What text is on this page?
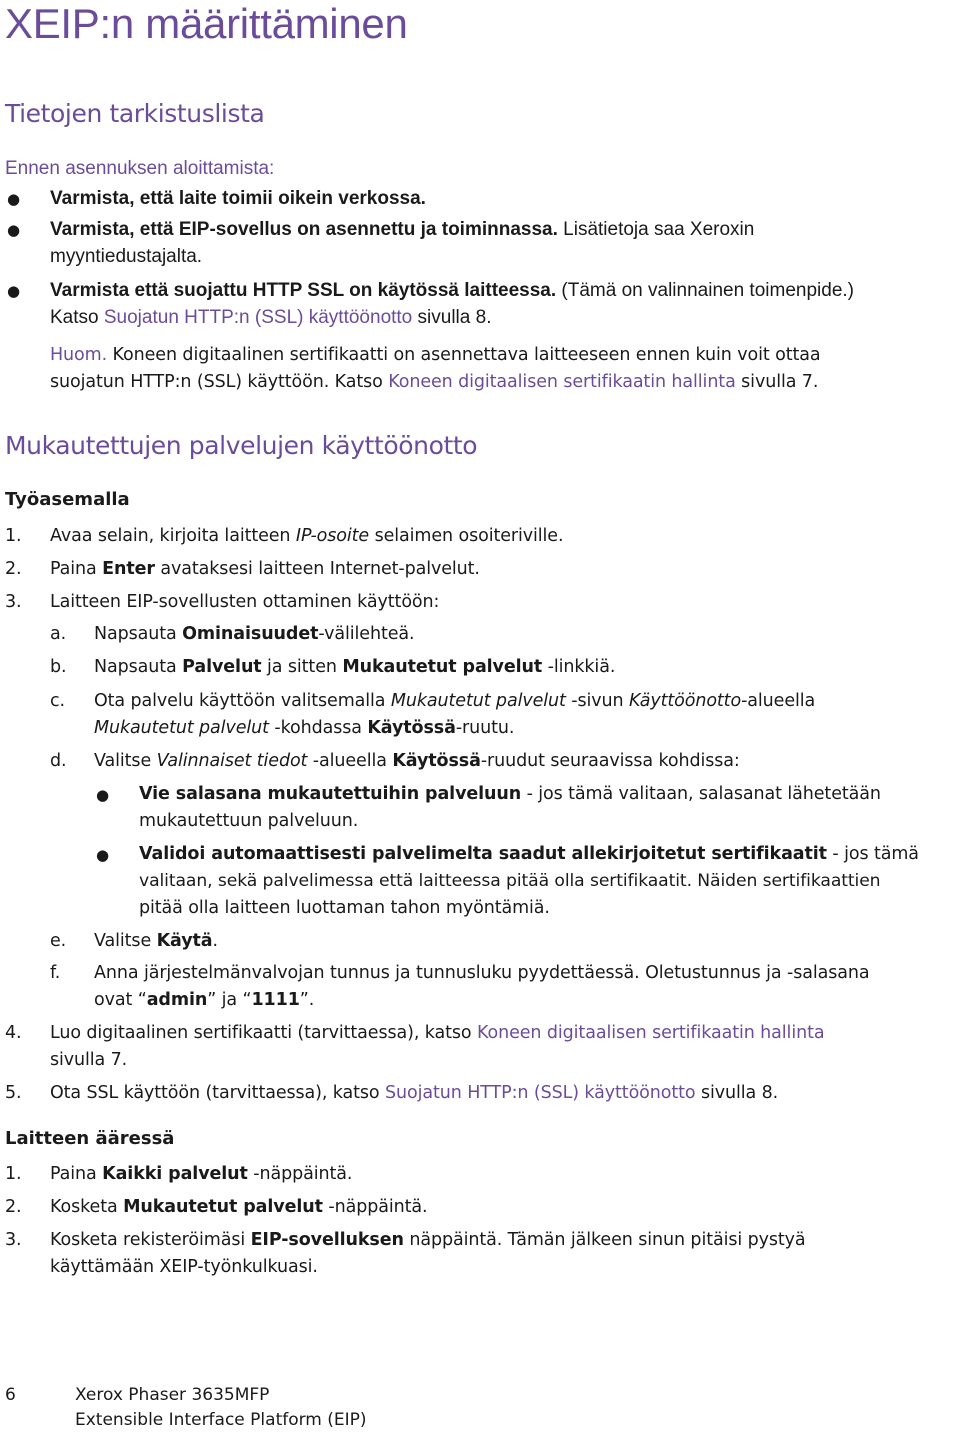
XEIP:n määrittäminen
Tietojen tarkistuslista
Ennen asennuksen aloittamista:
● Varmista, että laite toimii oikein verkossa.
● Varmista, että EIP-sovellus on asennettu ja toiminnassa. Lisätietoja saa Xeroxin
myyntiedustajalta.
● Varmista että suojattu HTTP SSL on käytössä laitteessa. (Tämä on valinnainen toimenpide.)
Katso Suojatun HTTP:n (SSL) käyttöönotto sivulla 8.
Huom. Koneen digitaalinen sertifikaatti on asennettava laitteeseen ennen kuin voit ottaa
suojatun HTTP:n (SSL) käyttöön. Katso Koneen digitaalisen sertifikaatin hallinta sivulla 7.
Mukautettujen palvelujen käyttöönotto
Työasemalla
1. Avaa selain, kirjoita laitteen IP-osoite selaimen osoiteriville.
2. Paina Enter avataksesi laitteen Internet-palvelut.
3. Laitteen EIP-sovellusten ottaminen käyttöön:
a. Napsauta Ominaisuudet-välilehteä.
b. Napsauta Palvelut ja sitten Mukautetut palvelut -linkkiä.
c. Ota palvelu käyttöön valitsemalla Mukautetut palvelut -sivun Käyttöönotto-alueella
Mukautetut palvelut -kohdassa Käytössä-ruutu.
d. Valitse Valinnaiset tiedot -alueella Käytössä-ruudut seuraavissa kohdissa:
● Vie salasana mukautettuihin palveluun - jos tämä valitaan, salasanat lähetetään
mukautettuun palveluun.
● Validoi automaattisesti palvelimelta saadut allekirjoitetut sertifikaatit - jos tämä
valitaan, sekä palvelimessa että laitteessa pitää olla sertifikaatit. Näiden sertifikaattien
pitää olla laitteen luottaman tahon myöntämiä.
e. Valitse Käytä.
f. Anna järjestelmänvalvojan tunnus ja tunnusluku pyydettäessä. Oletustunnus ja -salasana
ovat “admin” ja “1111”.
4. Luo digitaalinen sertifikaatti (tarvittaessa), katso Koneen digitaalisen sertifikaatin hallinta
sivulla 7.
5. Ota SSL käyttöön (tarvittaessa), katso Suojatun HTTP:n (SSL) käyttöönotto sivulla 8.
Laitteen ääressä
1. Paina Kaikki palvelut -näppäintä.
2. Kosketa Mukautetut palvelut -näppäintä.
3. Kosketa rekisteröimäsi EIP-sovelluksen näppäintä. Tämän jälkeen sinun pitäisi pystyä
käyttämään XEIP-työnkulkuasi.
6	Xerox Phaser 3635MFP
Extensible Interface Platform (EIP)
